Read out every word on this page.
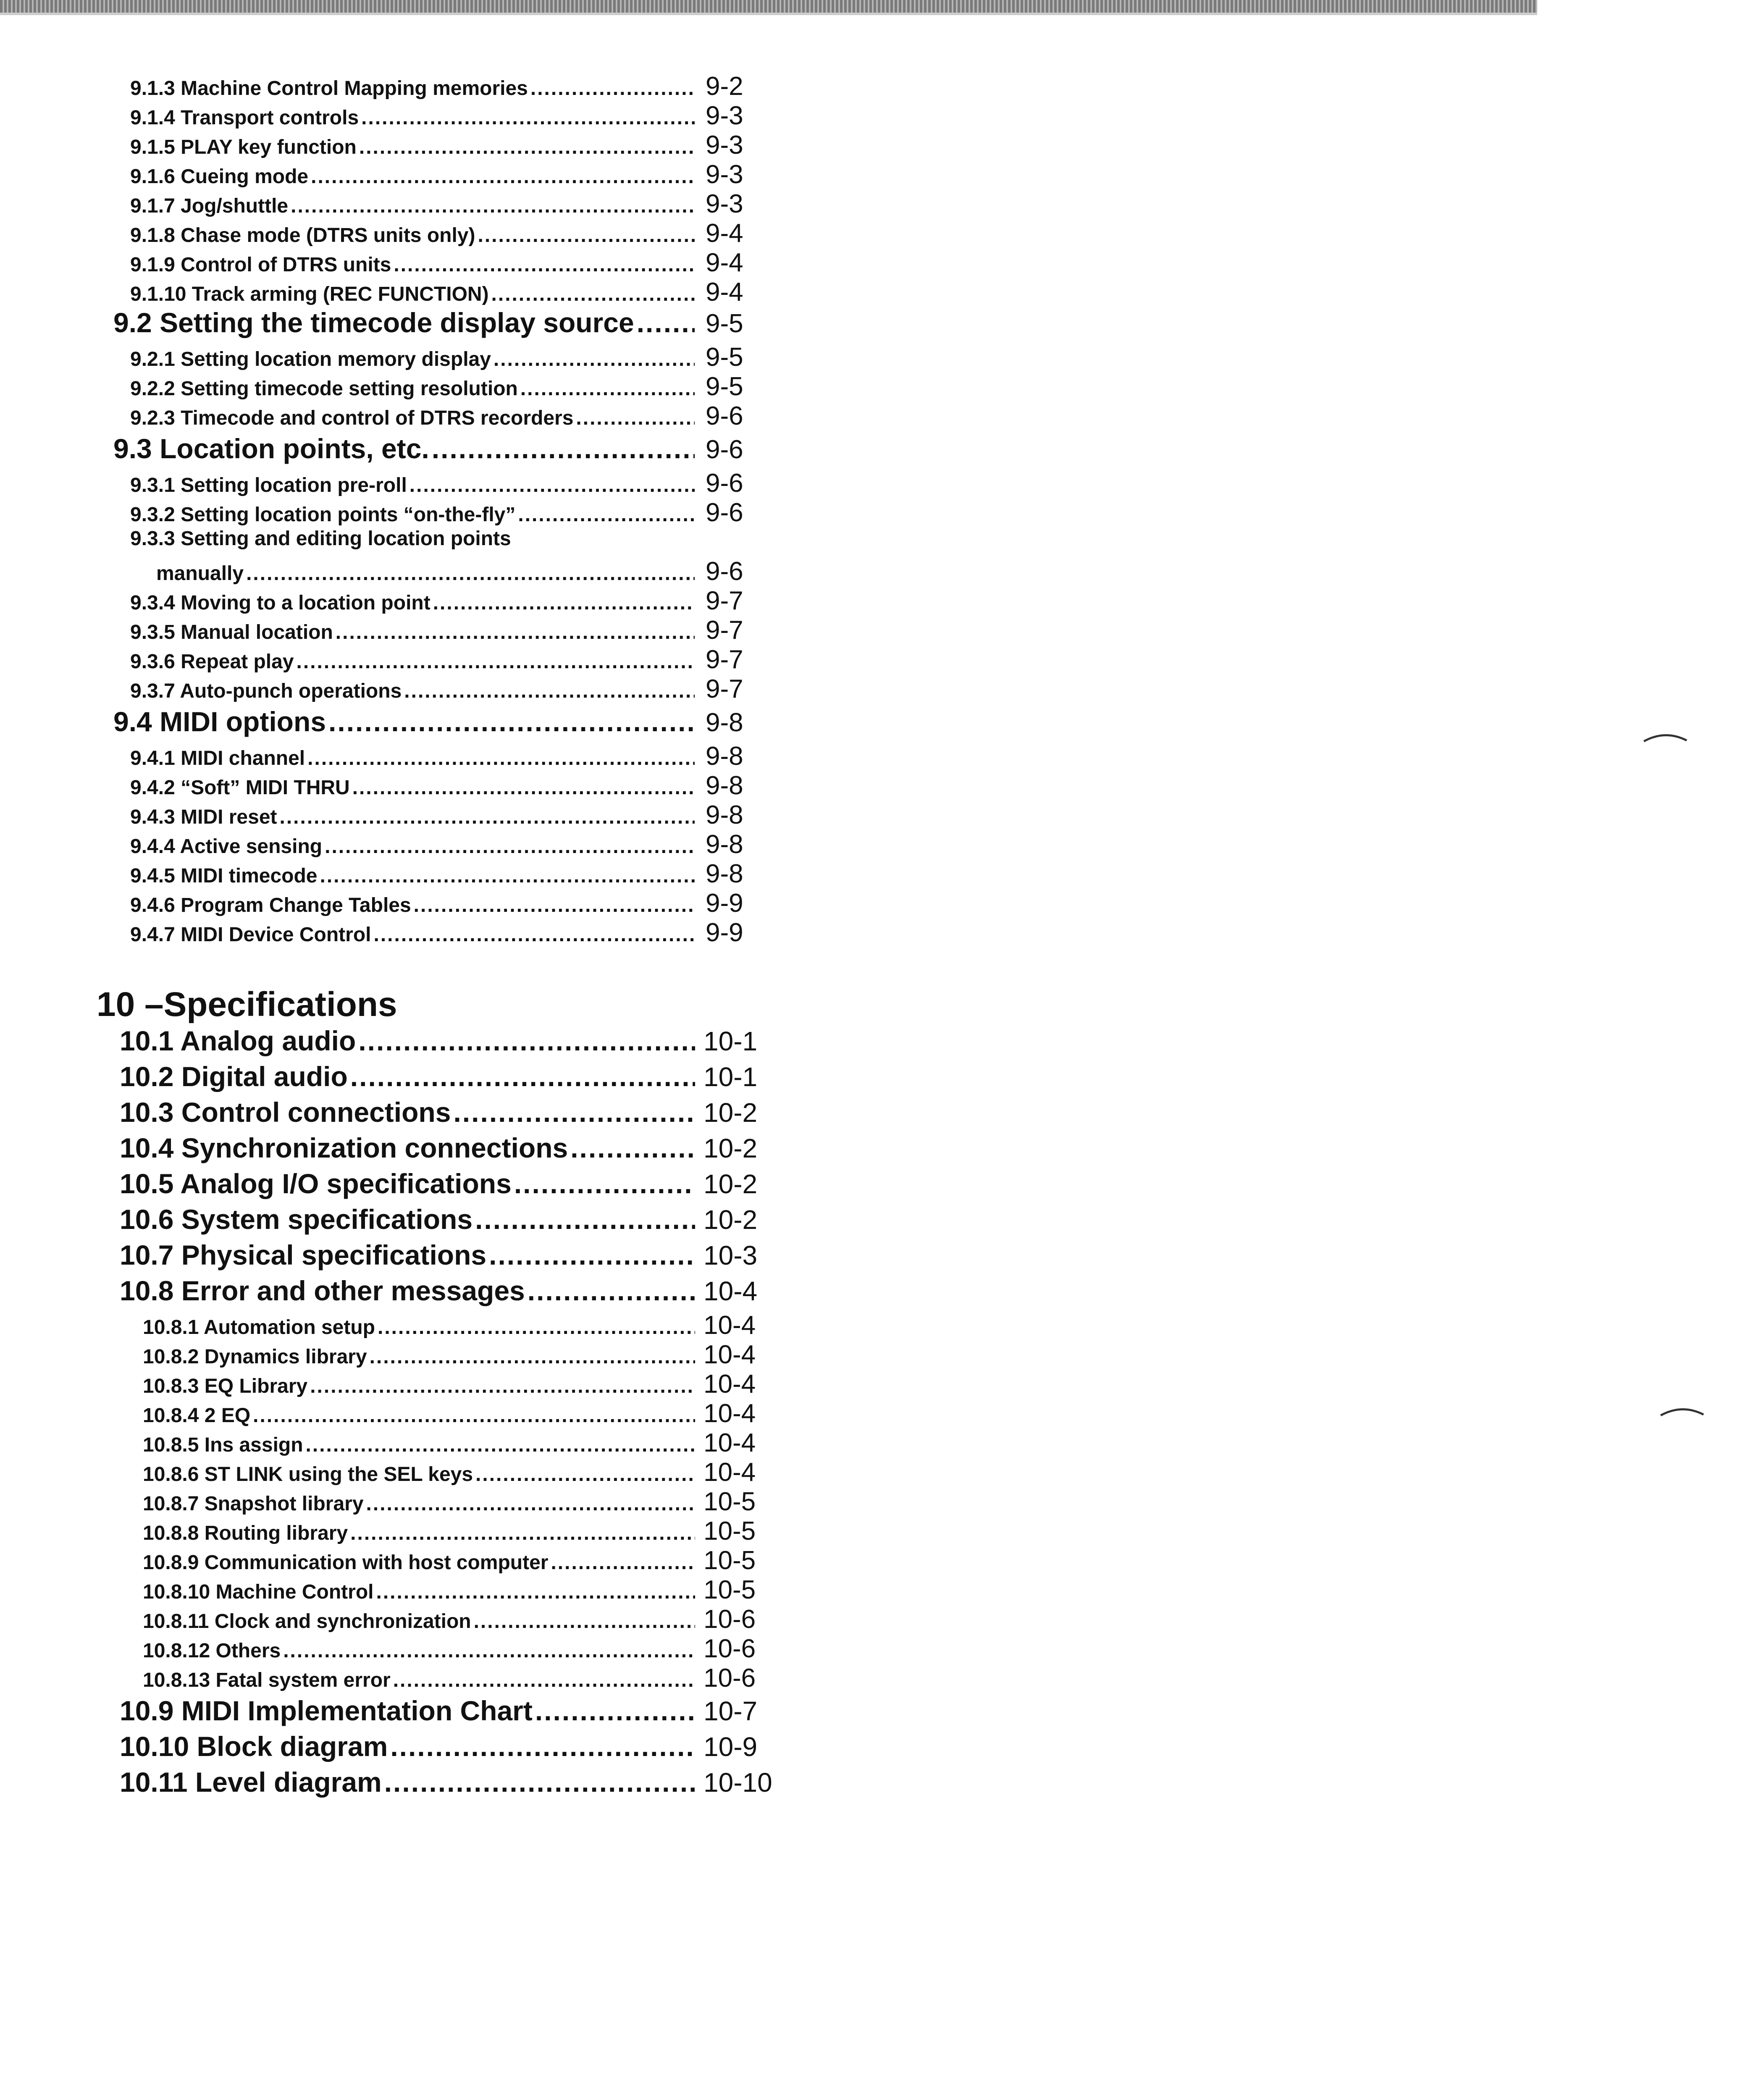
9.1.3 Machine Control Mapping memories .....	9-2
9.1.4 Transport controls .....	9-3
9.1.5 PLAY key function .....	9-3
9.1.6 Cueing mode .....	9-3
9.1.7 Jog/shuttle .....	9-3
9.1.8 Chase mode (DTRS units only) .....	9-4
9.1.9 Control of DTRS units .....	9-4
9.1.10 Track arming (REC FUNCTION) .....	9-4
9.2 Setting the timecode display source .....	9-5
9.2.1 Setting location memory display .....	9-5
9.2.2 Setting timecode setting resolution .....	9-5
9.2.3 Timecode and control of DTRS recorders .....	9-6
9.3 Location points, etc. .....	9-6
9.3.1 Setting location pre-roll .....	9-6
9.3.2 Setting location points “on-the-fly” .....	9-6
9.3.3 Setting and editing location points
manually .....	9-6
9.3.4 Moving to a location point .....	9-7
9.3.5 Manual location .....	9-7
9.3.6 Repeat play .....	9-7
9.3.7 Auto-punch operations .....	9-7
9.4 MIDI options .....	9-8
9.4.1 MIDI channel .....	9-8
9.4.2 “Soft” MIDI THRU .....	9-8
9.4.3 MIDI reset .....	9-8
9.4.4 Active sensing .....	9-8
9.4.5 MIDI timecode .....	9-8
9.4.6 Program Change Tables .....	9-9
9.4.7 MIDI Device Control .....	9-9
10 –Specifications
10.1 Analog audio .....	10-1
10.2 Digital audio .....	10-1
10.3 Control connections .....	10-2
10.4 Synchronization connections .....	10-2
10.5 Analog I/O specifications .....	10-2
10.6 System specifications .....	10-2
10.7 Physical specifications .....	10-3
10.8 Error and other messages .....	10-4
10.8.1 Automation setup .....	10-4
10.8.2 Dynamics library .....	10-4
10.8.3 EQ Library .....	10-4
10.8.4 2 EQ .....	10-4
10.8.5 Ins assign .....	10-4
10.8.6 ST LINK using the SEL keys .....	10-4
10.8.7 Snapshot library .....	10-5
10.8.8 Routing library .....	10-5
10.8.9 Communication with host computer .....	10-5
10.8.10 Machine Control .....	10-5
10.8.11 Clock and synchronization .....	10-6
10.8.12 Others .....	10-6
10.8.13 Fatal system error .....	10-6
10.9 MIDI Implementation Chart .....	10-7
10.10 Block diagram .....	10-9
10.11 Level diagram .....	10-10
